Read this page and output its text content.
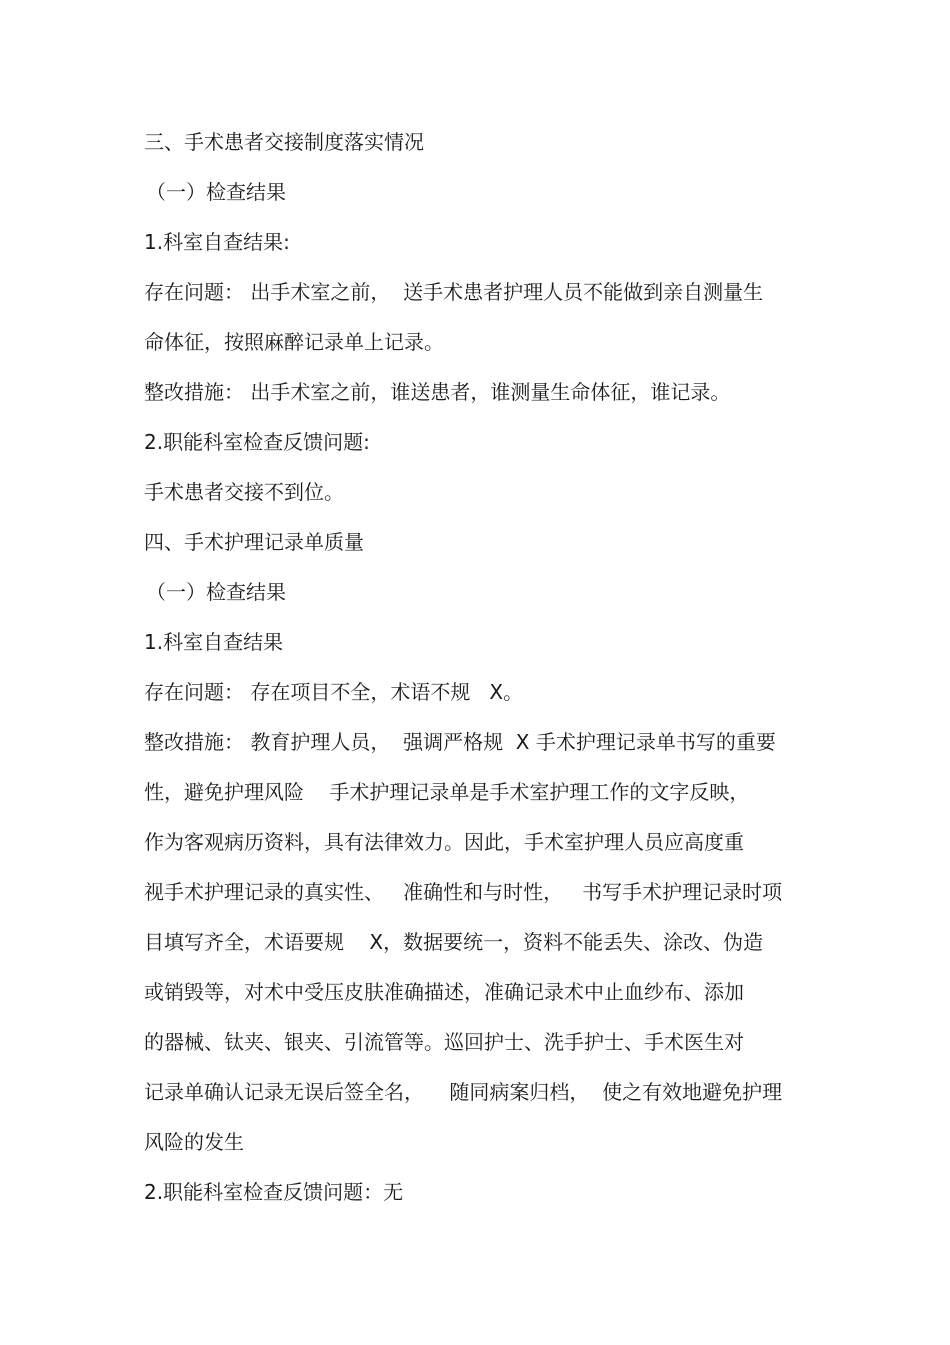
三、手术患者交接制度落实情况

（一）检查结果

1.科室自查结果:

存在问题： 出手术室之前，  送手术患者护理人员不能做到亲自测量生

命体征，按照麻醉记录单上记录。

整改措施： 出手术室之前，谁送患者，谁测量生命体征，谁记录。

2.职能科室检查反馈问题:

手术患者交接不到位。

四、手术护理记录单质量

（一）检查结果

1.科室自查结果

存在问题： 存在项目不全，术语不规   X。

整改措施： 教育护理人员，  强调严格规  X 手术护理记录单书写的重要

性，避免护理风险    手术护理记录单是手术室护理工作的文字反映，

作为客观病历资料，具有法律效力。因此，手术室护理人员应高度重

视手术护理记录的真实性、   准确性和与时性，   书写手术护理记录时项

目填写齐全，术语要规    X，数据要统一，资料不能丢失、涂改、伪造

或销毁等，对术中受压皮肤准确描述，准确记录术中止血纱布、添加

的器械、钛夹、银夹、引流管等。巡回护士、洗手护士、手术医生对

记录单确认记录无误后签全名，    随同病案归档，  使之有效地避免护理

风险的发生

2.职能科室检查反馈问题：无
